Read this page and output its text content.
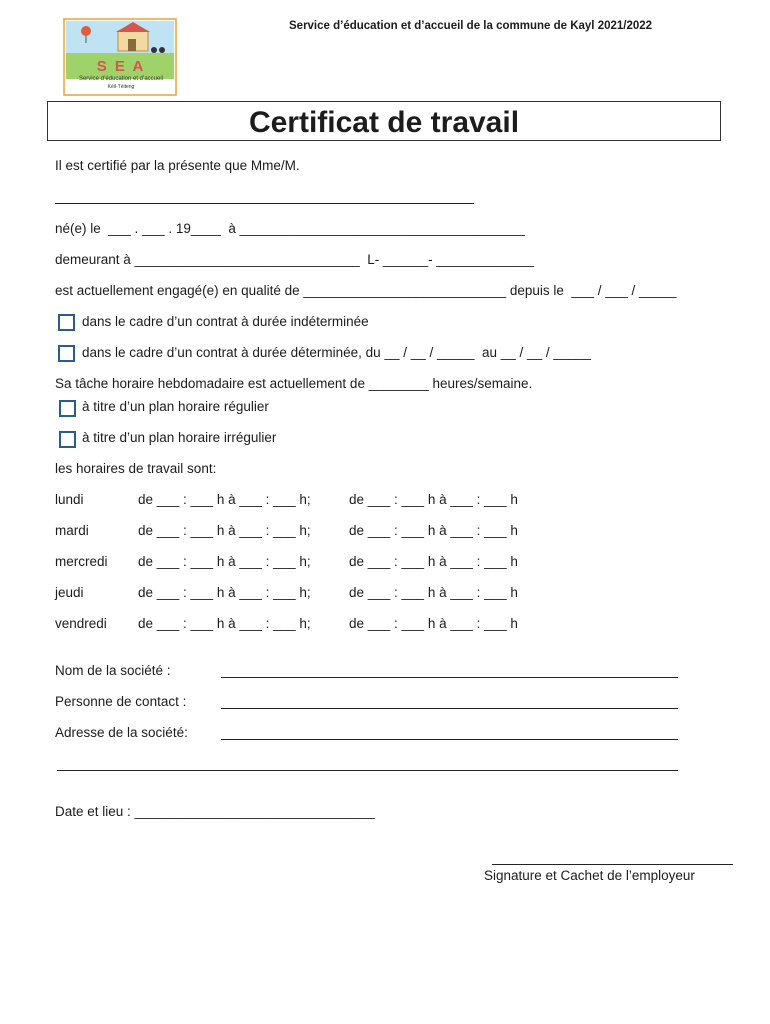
Service d’éducation et d’accueil de la commune de Kayl 2021/2022
S E A
Service d’éducation et d’accueil
Kéil-Téiteng
Certificat de travail
Il est certifié par la présente que Mme/M.
né(e) le  ___ . ___ . 19____  à ______________________________________
demeurant à ______________________________  L- ______- _____________
est actuellement engagé(e) en qualité de ___________________________ depuis le  ___ / ___ / _____
dans le cadre d’un contrat à durée indéterminée
dans le cadre d’un contrat à durée déterminée, du __ / __ / _____  au __ / __ / _____
Sa tâche horaire hebdomadaire est actuellement de ________ heures/semaine.
à titre d’un plan horaire régulier
à titre d’un plan horaire irrégulier
les horaires de travail sont:
lundi	de ___ : ___ h à ___ : ___ h;	de ___ : ___ h à ___ : ___ h
mardi	de ___ : ___ h à ___ : ___ h;	de ___ : ___ h à ___ : ___ h
mercredi de ___ : ___ h à ___ : ___ h;	de ___ : ___ h à ___ : ___ h
jeudi	de ___ : ___ h à ___ : ___ h;	de ___ : ___ h à ___ : ___ h
vendredi de ___ : ___ h à ___ : ___ h;	de ___ : ___ h à ___ : ___ h
Nom de la société :
Personne de contact :
Adresse de la société:
Date et lieu : ________________________________
Signature et Cachet de l’employeur
